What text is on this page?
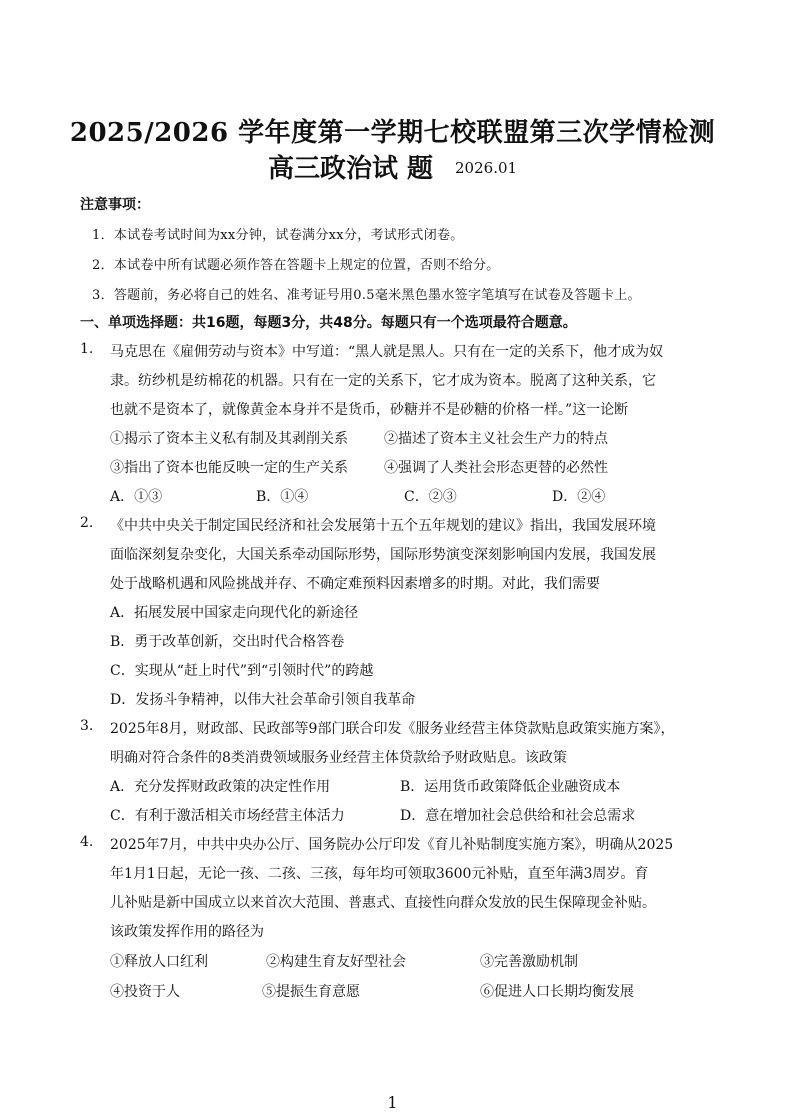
2025/2026 学年度第一学期七校联盟第三次学情检测
高三政治试 题 2026.01
注意事项：
1．本试卷考试时间为xx分钟，试卷满分xx分，考试形式闭卷。
2．本试卷中所有试题必须作答在答题卡上规定的位置，否则不给分。
3．答题前，务必将自己的姓名、准考证号用0.5毫米黑色墨水签字笔填写在试卷及答题卡上。
一、单项选择题：共16题，每题3分，共48分。每题只有一个选项最符合题意。
1. 马克思在《雇佣劳动与资本》中写道：“黑人就是黑人。只有在一定的关系下，他才成为奴
隶。纺纱机是纺棉花的机器。只有在一定的关系下，它才成为资本。脱离了这种关系，它
也就不是资本了，就像黄金本身并不是货币，砂糖并不是砂糖的价格一样。”这一论断
①揭示了资本主义私有制及其剥削关系	②描述了资本主义社会生产力的特点
③指出了资本也能反映一定的生产关系	④强调了人类社会形态更替的必然性
A．①③	B．①④	C．②③	D．②④
2. 《中共中央关于制定国民经济和社会发展第十五个五年规划的建议》指出，我国发展环境
面临深刻复杂变化，大国关系牵动国际形势，国际形势演变深刻影响国内发展，我国发展
处于战略机遇和风险挑战并存、不确定难预料因素增多的时期。对此，我们需要
A．拓展发展中国家走向现代化的新途径
B．勇于改革创新，交出时代合格答卷
C．实现从“赶上时代”到“引领时代”的跨越
D．发扬斗争精神，以伟大社会革命引领自我革命
3. 2025年8月，财政部、民政部等9部门联合印发《服务业经营主体贷款贴息政策实施方案》，
明确对符合条件的8类消费领域服务业经营主体贷款给予财政贴息。该政策
A．充分发挥财政政策的决定性作用	B．运用货币政策降低企业融资成本
C．有利于激活相关市场经营主体活力	D．意在增加社会总供给和社会总需求
4. 2025年7月，中共中央办公厅、国务院办公厅印发《育儿补贴制度实施方案》，明确从2025
年1月1日起，无论一孩、二孩、三孩，每年均可领取3600元补贴，直至年满3周岁。育
儿补贴是新中国成立以来首次大范围、普惠式、直接性向群众发放的民生保障现金补贴。
该政策发挥作用的路径为
①释放人口红利	②构建生育友好型社会	③完善激励机制
④投资于人	⑤提振生育意愿	⑥促进人口长期均衡发展
1
